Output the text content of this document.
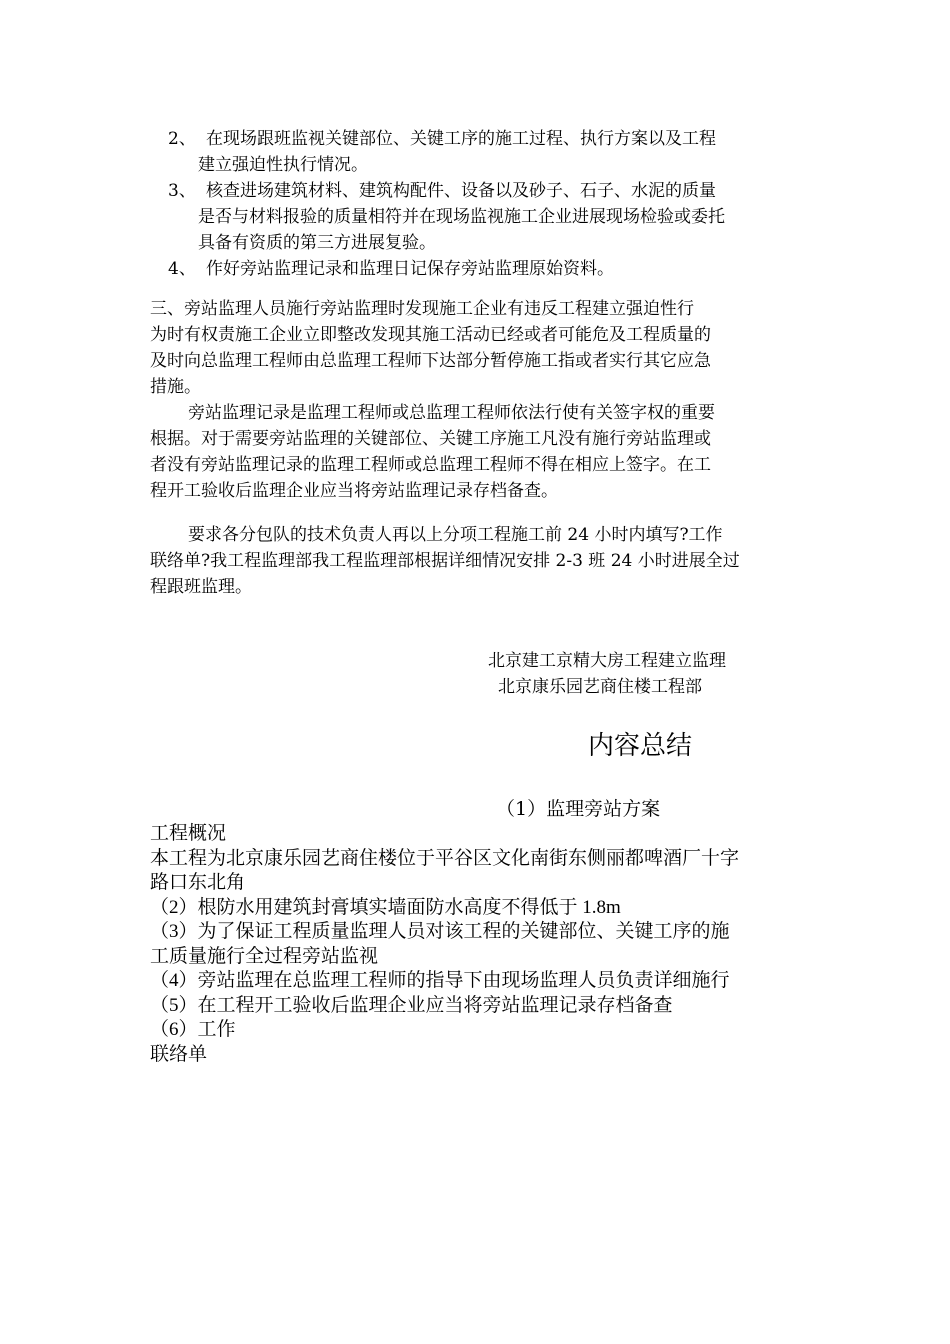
2、 在现场跟班监视关键部位、关键工序的施工过程、执行方案以及工程
建立强迫性执行情况。
3、 核查进场建筑材料、建筑构配件、设备以及砂子、石子、水泥的质量
是否与材料报验的质量相符并在现场监视施工企业进展现场检验或委托
具备有资质的第三方进展复验。
4、 作好旁站监理记录和监理日记保存旁站监理原始资料。

三、旁站监理人员施行旁站监理时发现施工企业有违反工程建立强迫性行

为时有权责施工企业立即整改发现其施工活动已经或者可能危及工程质量的

及时向总监理工程师由总监理工程师下达部分暂停施工指或者实行其它应急

措施。

旁站监理记录是监理工程师或总监理工程师依法行使有关签字权的重要

根据。对于需要旁站监理的关键部位、关键工序施工凡没有施行旁站监理或

者没有旁站监理记录的监理工程师或总监理工程师不得在相应上签字。在工

程开工验收后监理企业应当将旁站监理记录存档备查。

要求各分包队的技术负责人再以上分项工程施工前 24 小时内填写?工作

联络单?我工程监理部我工程监理部根据详细情况安排 2-3 班 24 小时进展全过

程跟班监理。

北京建工京精大房工程建立监理
北京康乐园艺商住楼工程部
内容总结
（1）监理旁站方案

工程概况

本工程为北京康乐园艺商住楼位于平谷区文化南街东侧丽都啤酒厂十字

路口东北角

（2）根防水用建筑封膏填实墙面防水高度不得低于 1.8m

（3）为了保证工程质量监理人员对该工程的关键部位、关键工序的施

工质量施行全过程旁站监视

（4）旁站监理在总监理工程师的指导下由现场监理人员负责详细施行

（5）在工程开工验收后监理企业应当将旁站监理记录存档备查

（6）工作

联络单
